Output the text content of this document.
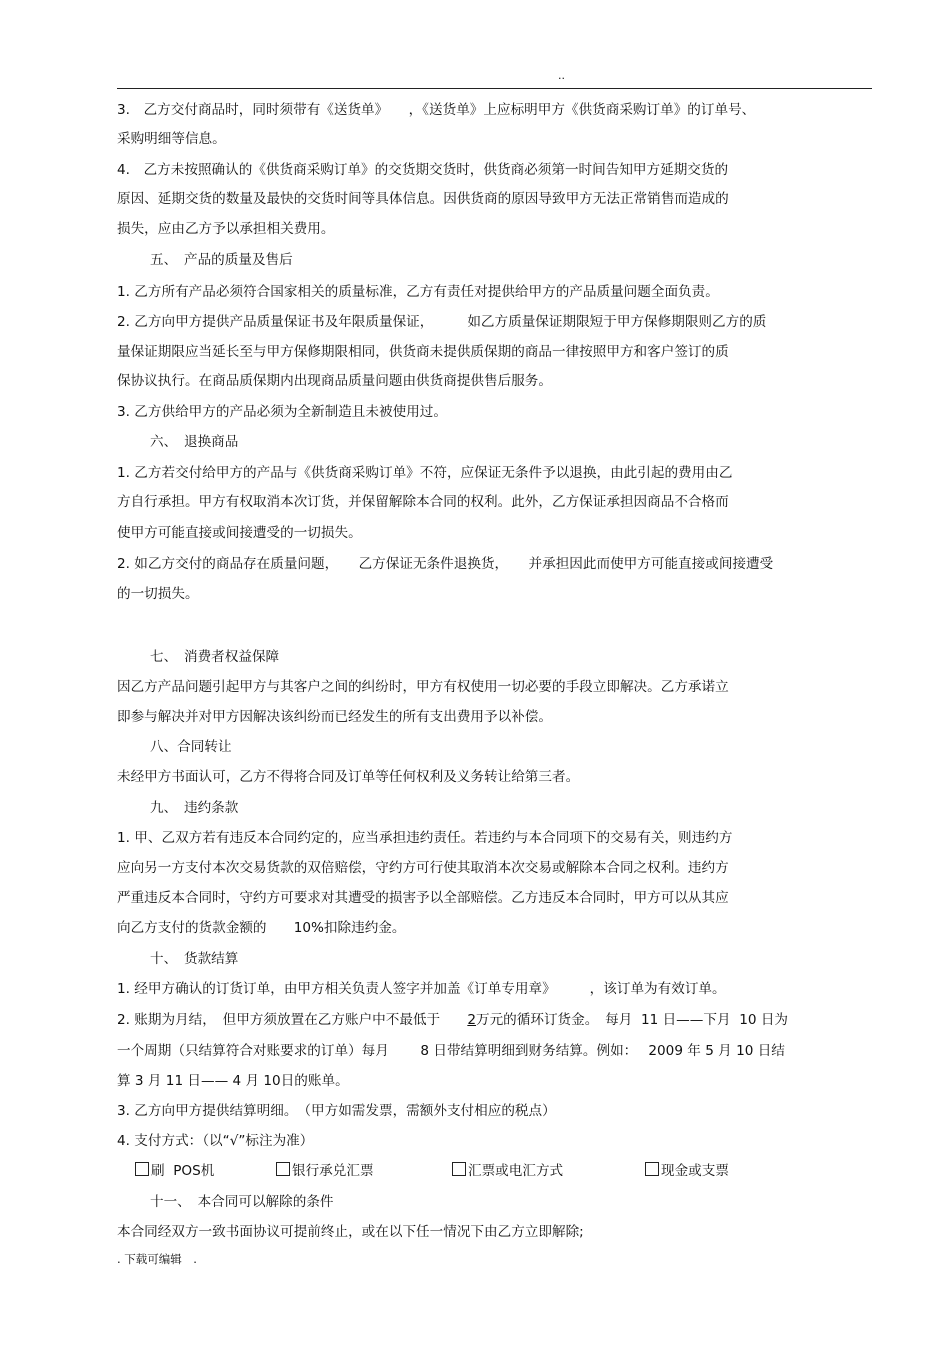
..
3.　乙方交付商品时，同时须带有《送货单》　　，《送货单》上应标明甲方《供货商采购订单》的订单号、
采购明细等信息。
4.　乙方未按照确认的《供货商采购订单》的交货期交货时，供货商必须第一时间告知甲方延期交货的
原因、延期交货的数量及最快的交货时间等具体信息。因供货商的原因导致甲方无法正常销售而造成的
损失，应由乙方予以承担相关费用。
五、　产品的质量及售后
1. 乙方所有产品必须符合国家相关的质量标准，乙方有责任对提供给甲方的产品质量问题全面负责。
2. 乙方向甲方提供产品质量保证书及年限质量保证，　　　如乙方质量保证期限短于甲方保修期限则乙方的质
量保证期限应当延长至与甲方保修期限相同，供货商未提供质保期的商品一律按照甲方和客户签订的质
保协议执行。在商品质保期内出现商品质量问题由供货商提供售后服务。
3. 乙方供给甲方的产品必须为全新制造且未被使用过。
六、　退换商品
1. 乙方若交付给甲方的产品与《供货商采购订单》不符，应保证无条件予以退换，由此引起的费用由乙
方自行承担。甲方有权取消本次订货，并保留解除本合同的权利。此外，乙方保证承担因商品不合格而
使甲方可能直接或间接遭受的一切损失。
2. 如乙方交付的商品存在质量问题，　　乙方保证无条件退换货，　　并承担因此而使甲方可能直接或间接遭受
的一切损失。
七、　消费者权益保障
因乙方产品问题引起甲方与其客户之间的纠纷时，甲方有权使用一切必要的手段立即解决。乙方承诺立
即参与解决并对甲方因解决该纠纷而已经发生的所有支出费用予以补偿。
八、合同转让
未经甲方书面认可，乙方不得将合同及订单等任何权利及义务转让给第三者。
九、　违约条款
1. 甲、乙双方若有违反本合同约定的，应当承担违约责任。若违约与本合同项下的交易有关，则违约方
应向另一方支付本次交易货款的双倍赔偿，守约方可行使其取消本次交易或解除本合同之权利。违约方
严重违反本合同时，守约方可要求对其遭受的损害予以全部赔偿。乙方违反本合同时，甲方可以从其应
向乙方支付的货款金额的　　10%扣除违约金。
十、　货款结算
1. 经甲方确认的订货订单，由甲方相关负责人签字并加盖《订单专用章》　　　，该订单为有效订单。
2. 账期为月结，　但甲方须放置在乙方账户中不最低于　　2万元的循环订货金。　每月  11 日——下月  10 日为
一个周期（只结算符合对账要求的订单）每月　　 8 日带结算明细到财务结算。例如：　 2009 年 5 月 10 日结
算 3 月 11 日—— 4 月 10日的账单。
3. 乙方向甲方提供结算明细。　（甲方如需发票，需额外支付相应的税点）
4. 支付方式：（以“√”标注为准）
刷  POS机	银行承兑汇票	汇票或电汇方式	现金或支票
十一、　本合同可以解除的条件
本合同经双方一致书面协议可提前终止，或在以下任一情况下由乙方立即解除;
. 下载可编辑　.
